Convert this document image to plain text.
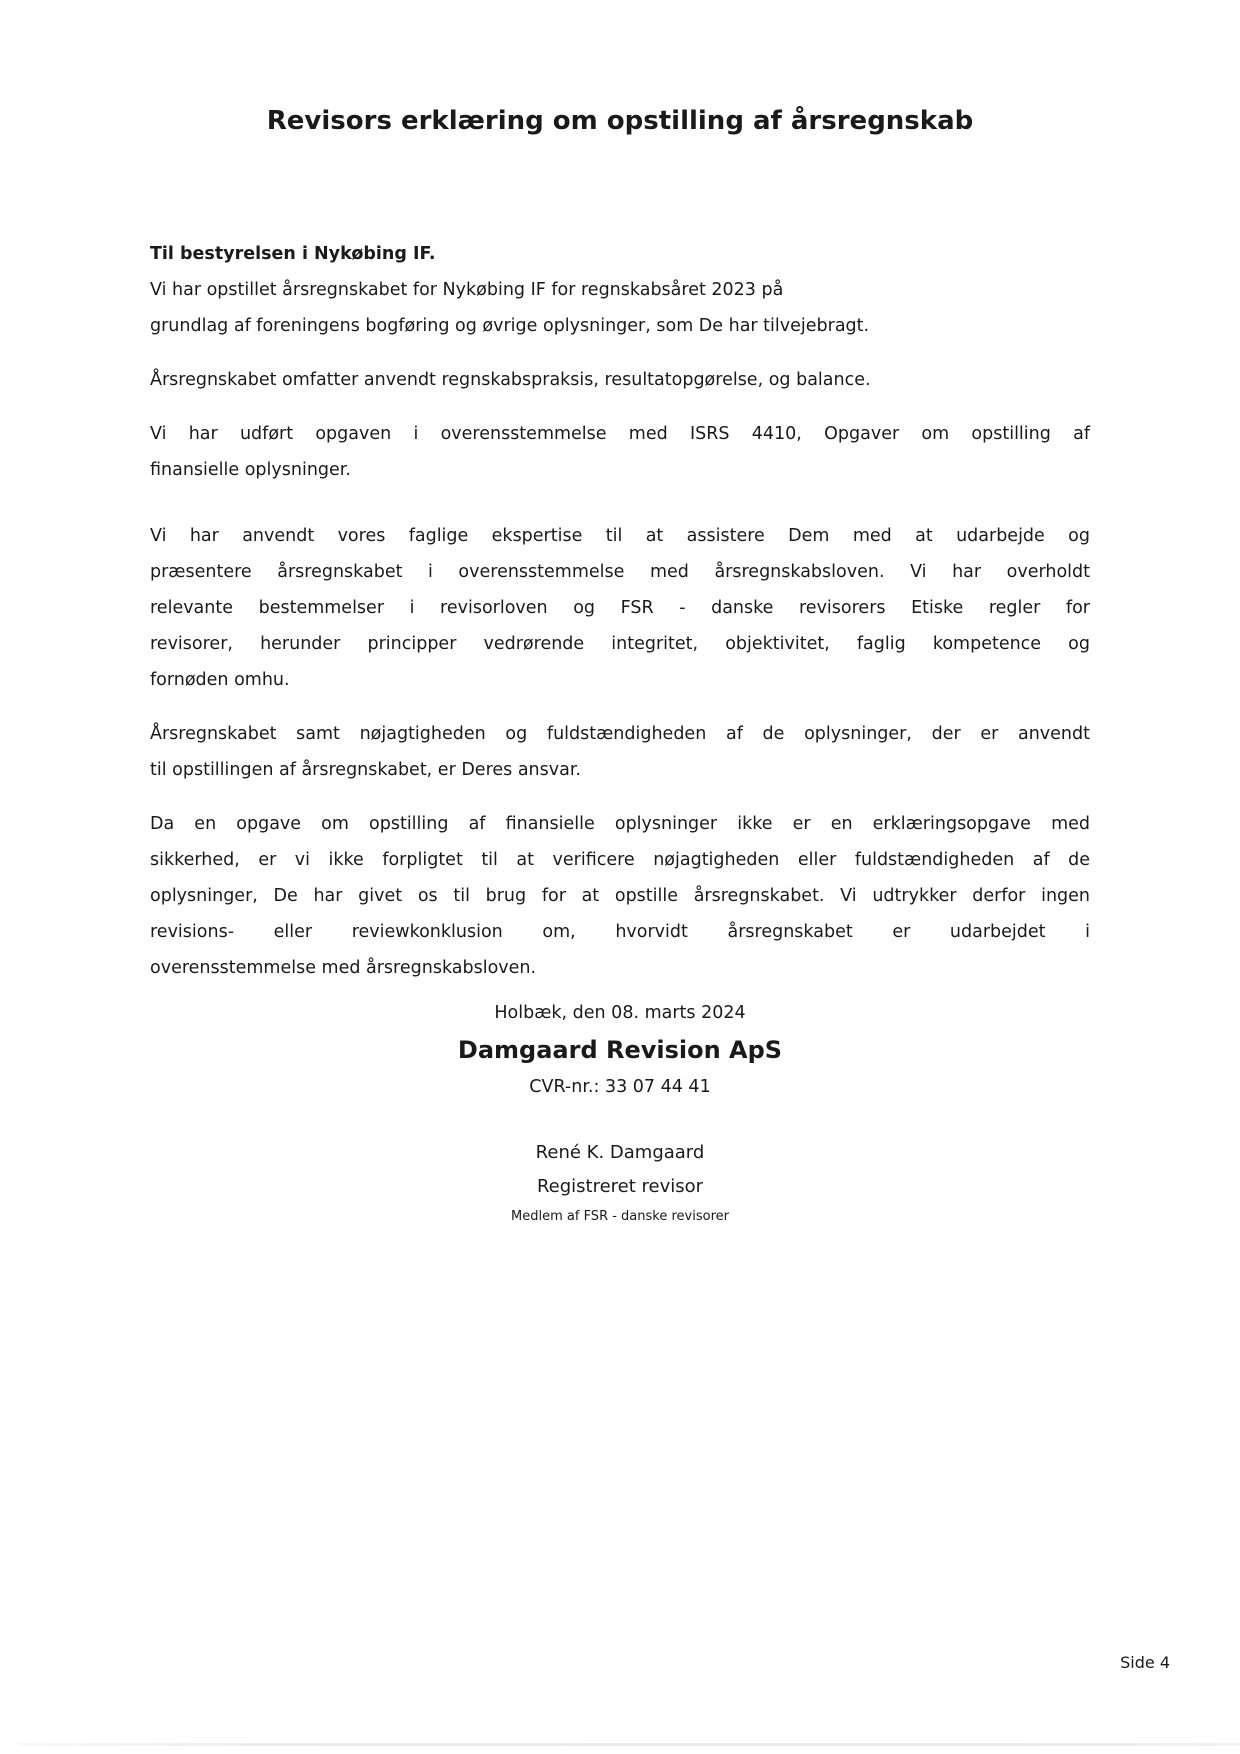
Revisors erklæring om opstilling af årsregnskab
Til bestyrelsen i Nykøbing IF.
Vi har opstillet årsregnskabet for Nykøbing IF for regnskabsåret 2023 på
grundlag af foreningens bogføring og øvrige oplysninger, som De har tilvejebragt.
Årsregnskabet omfatter anvendt regnskabspraksis, resultatopgørelse, og balance.
Vi har udført opgaven i overensstemmelse med ISRS 4410, Opgaver om opstilling af
finansielle oplysninger.
Vi har anvendt vores faglige ekspertise til at assistere Dem med at udarbejde og
præsentere årsregnskabet i overensstemmelse med årsregnskabsloven. Vi har overholdt
relevante bestemmelser i revisorloven og FSR - danske revisorers Etiske regler for
revisorer, herunder principper vedrørende integritet, objektivitet, faglig kompetence og
fornøden omhu.
Årsregnskabet samt nøjagtigheden og fuldstændigheden af de oplysninger, der er anvendt
til opstillingen af årsregnskabet, er Deres ansvar.
Da en opgave om opstilling af finansielle oplysninger ikke er en erklæringsopgave med
sikkerhed, er vi ikke forpligtet til at verificere nøjagtigheden eller fuldstændigheden af de
oplysninger, De har givet os til brug for at opstille årsregnskabet. Vi udtrykker derfor ingen
revisions- eller reviewkonklusion om, hvorvidt årsregnskabet er udarbejdet i
overensstemmelse med årsregnskabsloven.
Holbæk, den 08. marts 2024
Damgaard Revision ApS
CVR-nr.: 33 07 44 41
René K. Damgaard
Registreret revisor
Medlem af FSR - danske revisorer
Side 4
